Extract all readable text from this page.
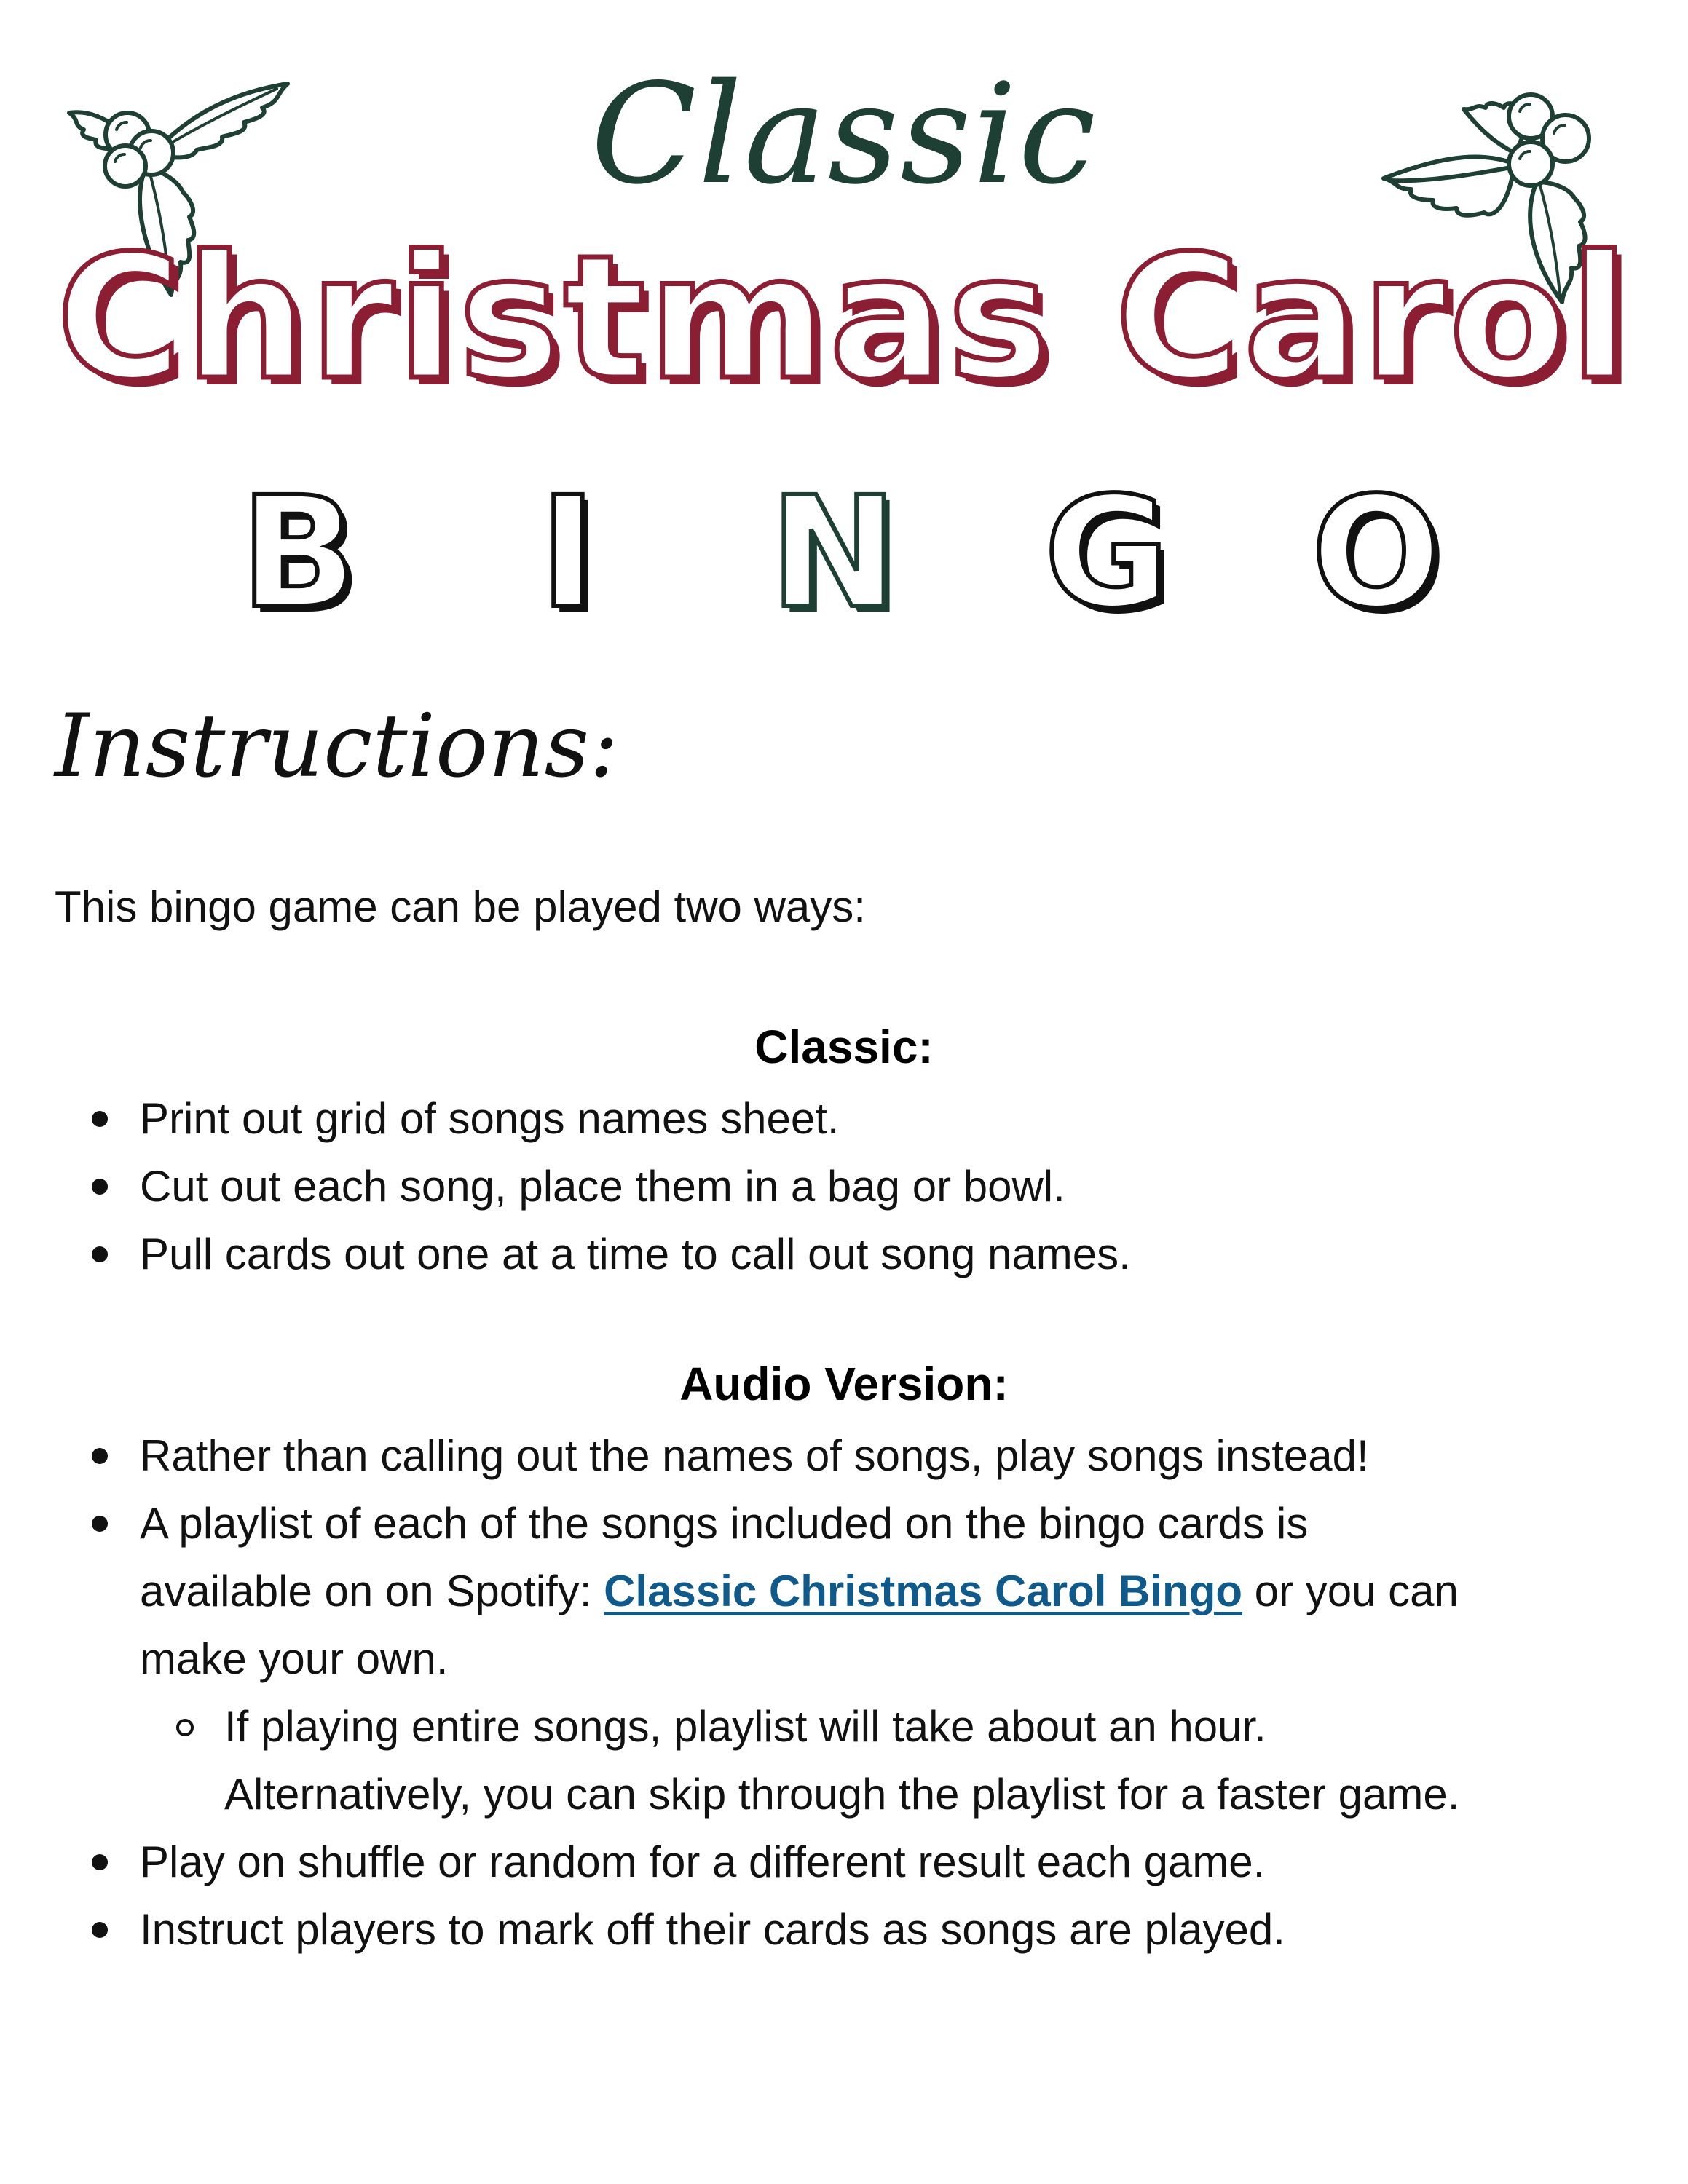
Classic
Christmas Carol
B I N G O
Instructions:
This bingo game can be played two ways:
Classic:
Print out grid of songs names sheet.
Cut out each song, place them in a bag or bowl.
Pull cards out one at a time to call out song names.
Audio Version:
Rather than calling out the names of songs, play songs instead!
A playlist of each of the songs included on the bingo cards is
available on on Spotify: Classic Christmas Carol Bingo or you can
make your own.
If playing entire songs, playlist will take about an hour.
Alternatively, you can skip through the playlist for a faster game.
Play on shuffle or random for a different result each game.
Instruct players to mark off their cards as songs are played.
